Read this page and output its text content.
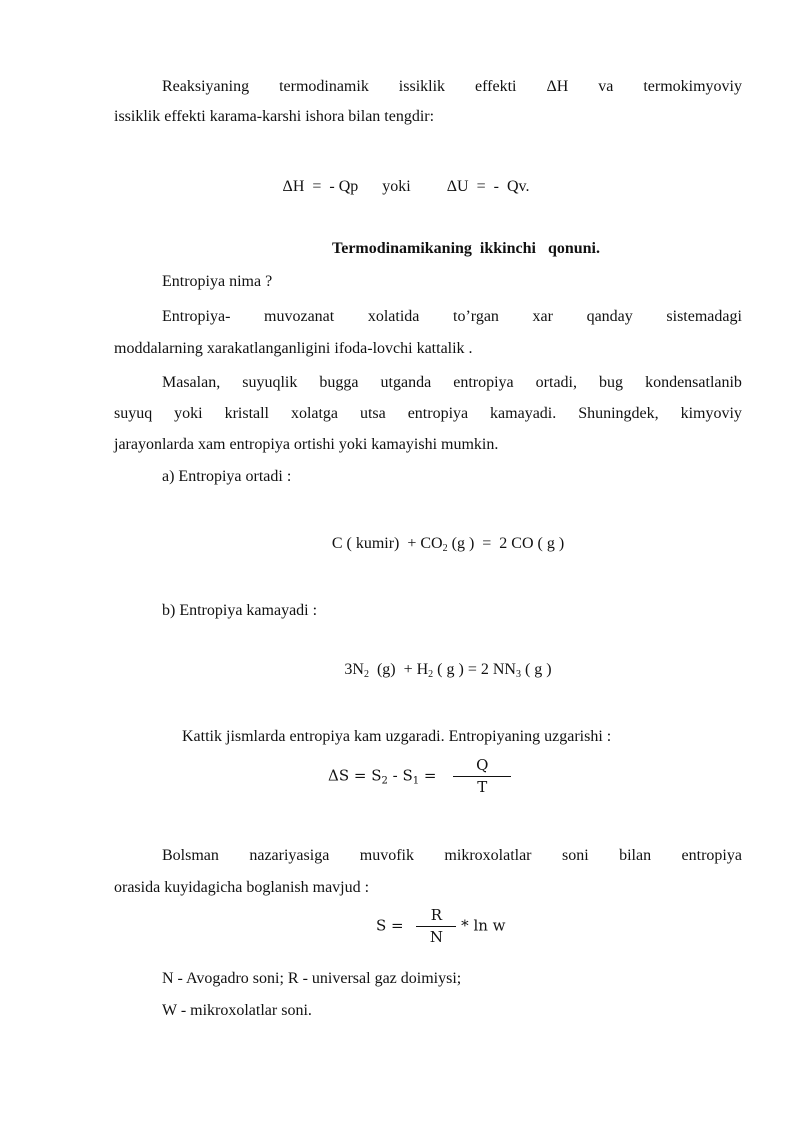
Reaksiyaning termodinamik issiklik effekti ΔH va termokimyoviy
issiklik effekti karama-karshi ishora bilan tengdir:
ΔH  =  - Qp      yoki         ΔU  =  -  Qv.
Termodinamikaning  ikkinchi   qonuni.
Entropiya nima ?
Entropiya- muvozanat xolatida to’rgan xar qanday sistemadagi
moddalarning xarakatlanganligini ifoda-lovchi kattalik .
Masalan, suyuqlik bugga utganda entropiya ortadi, bug kondensatlanib
suyuq yoki kristall xolatga utsa entropiya kamayadi. Shuningdek, kimyoviy
jarayonlarda xam entropiya ortishi yoki kamayishi mumkin.
a) Entropiya ortadi :
C ( kumir)  + $CO_2$ (g )  =  2 CO ( g )
b) Entropiya kamayadi :
$3N_2$  $(g) + H_2$ ( g ) = 2 $NN_3$ ( g )
Kattik jismlarda entropiya kam uzgaradi. Entropiyaning uzgarishi :
$\Delta S = S_2 - S_1 = \frac{Q}{T}$
Bolsman nazariyasiga muvofik mikroxolatlar soni bilan entropiya
orasida kuyidagicha boglanish mavjud :
$S = \frac{R}{N} * \ln w$
N - Avogadro soni; R - universal gaz doimiysi;
W - mikroxolatlar soni.
